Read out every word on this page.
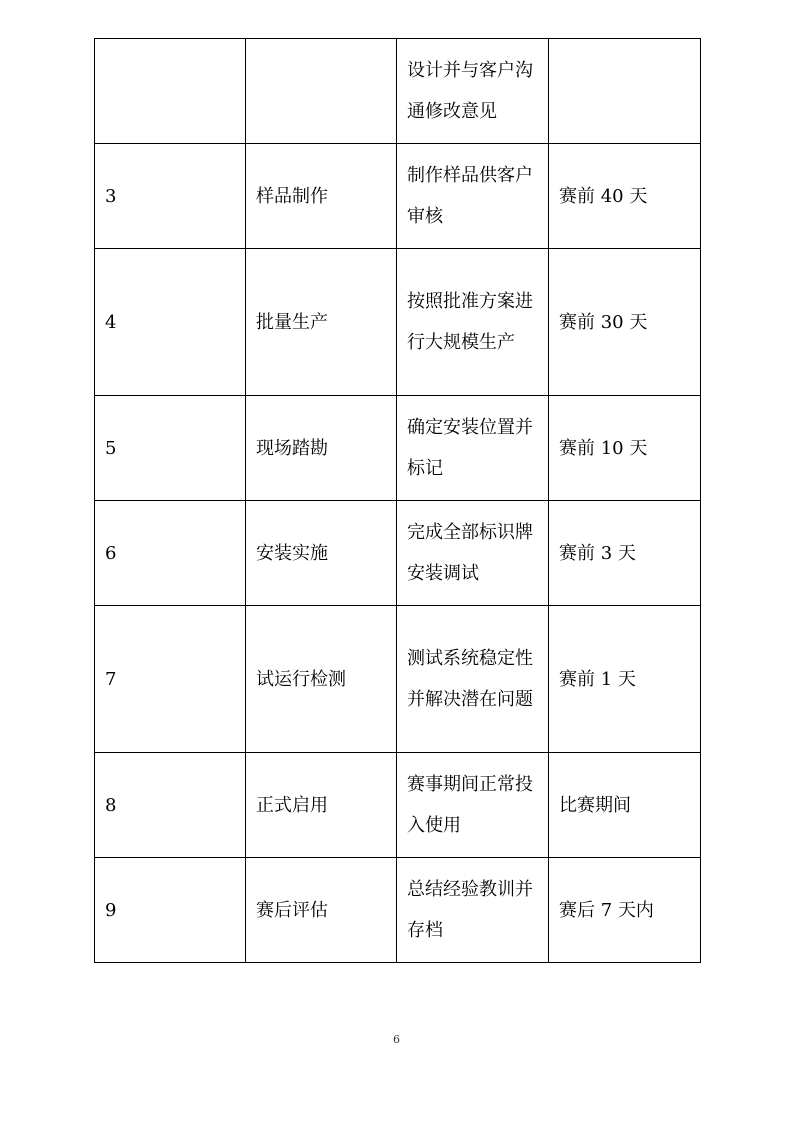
		设计并与客户沟通修改意见	
3	样品制作	制作样品供客户审核	赛前 40 天
4	批量生产	按照批准方案进行大规模生产	赛前 30 天
5	现场踏勘	确定安装位置并标记	赛前 10 天
6	安装实施	完成全部标识牌安装调试	赛前 3 天
7	试运行检测	测试系统稳定性并解决潜在问题	赛前 1 天
8	正式启用	赛事期间正常投入使用	比赛期间
9	赛后评估	总结经验教训并存档	赛后 7 天内
6
